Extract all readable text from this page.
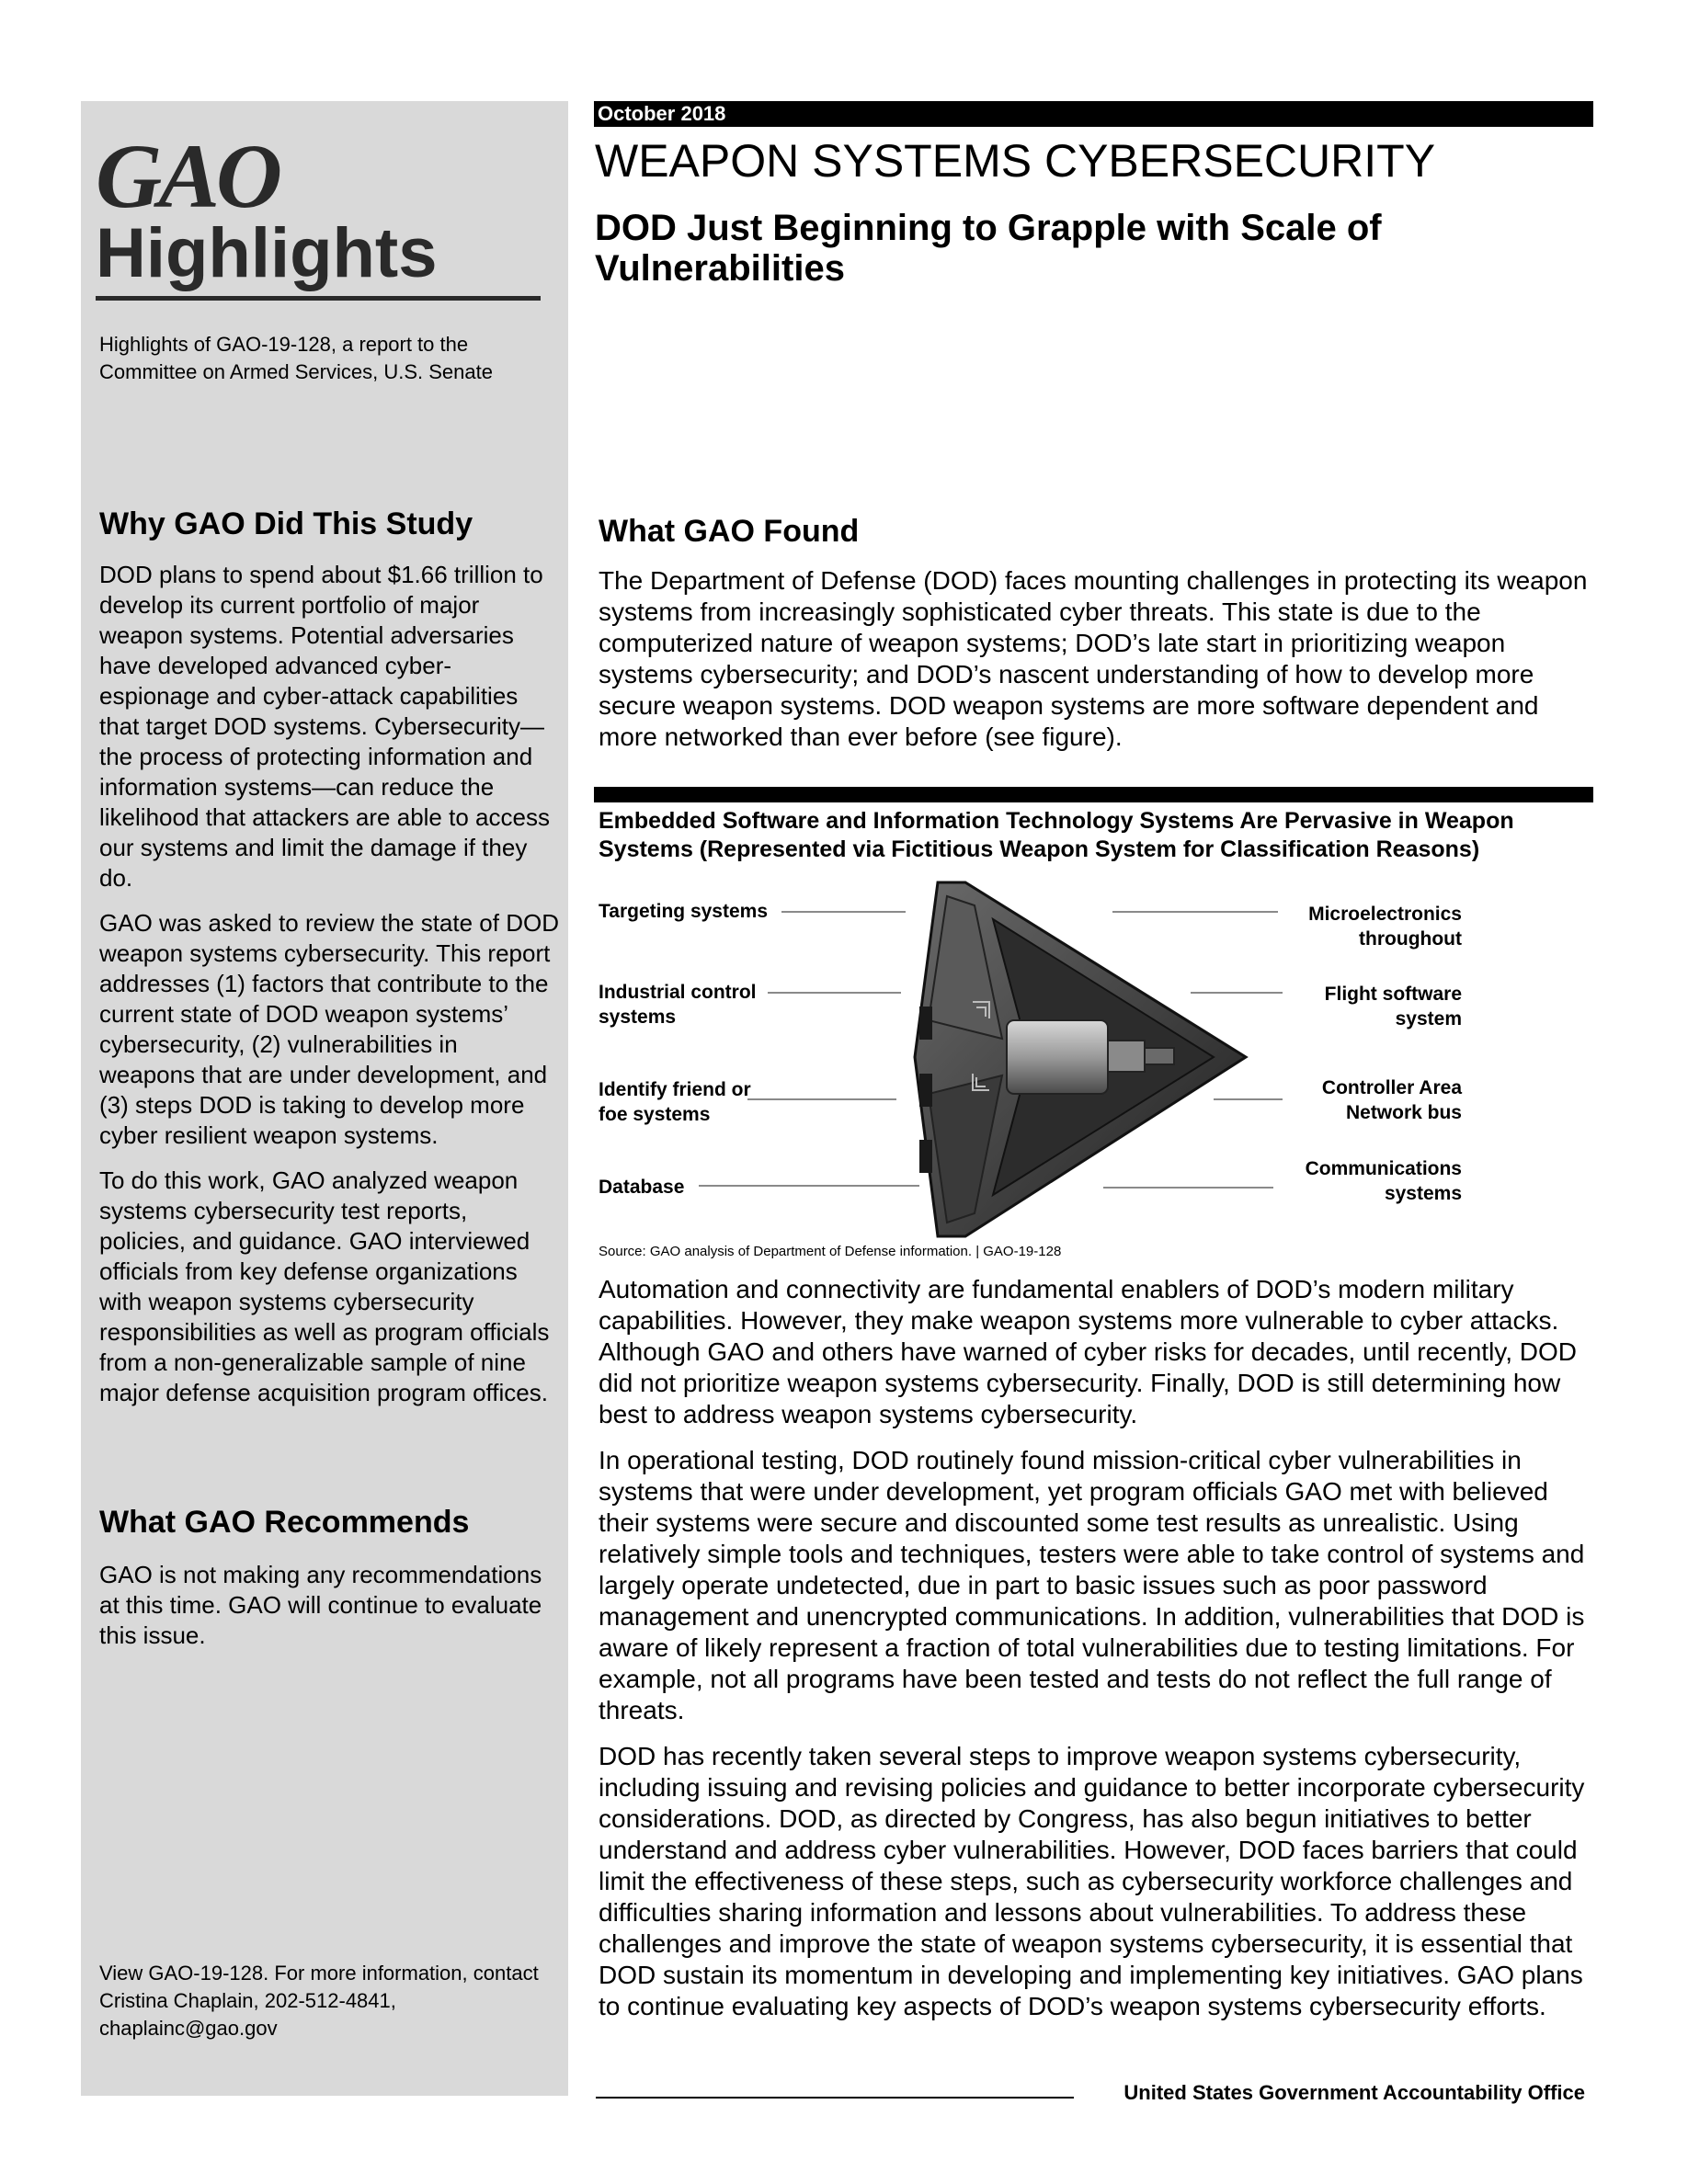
GAO
Highlights
Highlights of GAO-19-128, a report to the Committee on Armed Services, U.S. Senate
Why GAO Did This Study

DOD plans to spend about $1.66 trillion to develop its current portfolio of major weapon systems. Potential adversaries have developed advanced cyber-espionage and cyber-attack capabilities that target DOD systems. Cybersecurity—the process of protecting information and information systems—can reduce the likelihood that attackers are able to access our systems and limit the damage if they do.

GAO was asked to review the state of DOD weapon systems cybersecurity. This report addresses (1) factors that contribute to the current state of DOD weapon systems’ cybersecurity, (2) vulnerabilities in weapons that are under development, and (3) steps DOD is taking to develop more cyber resilient weapon systems.

To do this work, GAO analyzed weapon systems cybersecurity test reports, policies, and guidance. GAO interviewed officials from key defense organizations with weapon systems cybersecurity responsibilities as well as program officials from a non-generalizable sample of nine major defense acquisition program offices.

What GAO Recommends
GAO is not making any recommendations at this time. GAO will continue to evaluate this issue.
View GAO-19-128. For more information, contact Cristina Chaplain, 202-512-4841, chaplainc@gao.gov
October 2018
WEAPON SYSTEMS CYBERSECURITY
DOD Just Beginning to Grapple with Scale of Vulnerabilities
What GAO Found
The Department of Defense (DOD) faces mounting challenges in protecting its weapon systems from increasingly sophisticated cyber threats. This state is due to the computerized nature of weapon systems; DOD’s late start in prioritizing weapon systems cybersecurity; and DOD’s nascent understanding of how to develop more secure weapon systems. DOD weapon systems are more software dependent and more networked than ever before (see figure).
Embedded Software and Information Technology Systems Are Pervasive in Weapon Systems (Represented via Fictitious Weapon System for Classification Reasons)
Targeting systems
Industrial control systems
Identify friend or foe systems
Database
Microelectronics throughout
Flight software system
Controller Area Network bus
Communications systems
Source: GAO analysis of Department of Defense information. | GAO-19-128

Automation and connectivity are fundamental enablers of DOD’s modern military capabilities. However, they make weapon systems more vulnerable to cyber attacks. Although GAO and others have warned of cyber risks for decades, until recently, DOD did not prioritize weapon systems cybersecurity. Finally, DOD is still determining how best to address weapon systems cybersecurity.

In operational testing, DOD routinely found mission-critical cyber vulnerabilities in systems that were under development, yet program officials GAO met with believed their systems were secure and discounted some test results as unrealistic. Using relatively simple tools and techniques, testers were able to take control of systems and largely operate undetected, due in part to basic issues such as poor password management and unencrypted communications. In addition, vulnerabilities that DOD is aware of likely represent a fraction of total vulnerabilities due to testing limitations. For example, not all programs have been tested and tests do not reflect the full range of threats.

DOD has recently taken several steps to improve weapon systems cybersecurity, including issuing and revising policies and guidance to better incorporate cybersecurity considerations. DOD, as directed by Congress, has also begun initiatives to better understand and address cyber vulnerabilities. However, DOD faces barriers that could limit the effectiveness of these steps, such as cybersecurity workforce challenges and difficulties sharing information and lessons about vulnerabilities. To address these challenges and improve the state of weapon systems cybersecurity, it is essential that DOD sustain its momentum in developing and implementing key initiatives. GAO plans to continue evaluating key aspects of DOD’s weapon systems cybersecurity efforts.

United States Government Accountability Office
